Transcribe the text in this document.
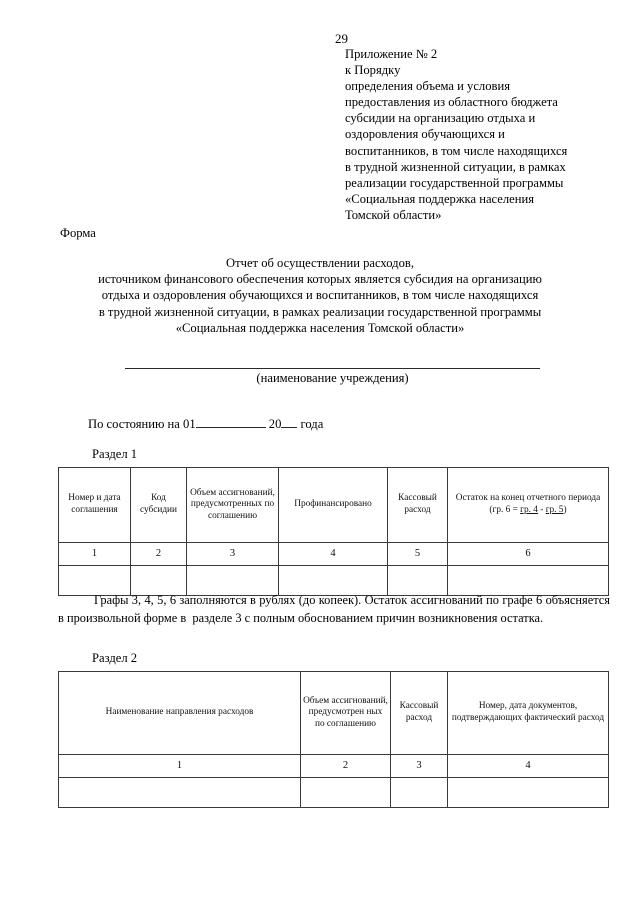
29
Приложение № 2
к Порядку
определения объема и условия
предоставления из областного бюджета
субсидии на организацию отдыха и
оздоровления обучающихся и
воспитанников, в том числе находящихся
в трудной жизненной ситуации, в рамках
реализации государственной программы
«Социальная поддержка населения
Томской области»
Форма
Отчет об осуществлении расходов,
источником финансового обеспечения которых является субсидия на организацию
отдыха и оздоровления обучающихся и воспитанников, в том числе находящихся
в трудной жизненной ситуации, в рамках реализации государственной программы
«Социальная поддержка населения Томской области»
(наименование учреждения)
По состоянию на 01	20 года
Раздел 1
Номер и дата соглашения	Код субсидии	Объем ассигнований, предусмотренных по соглашению	Профинансировано	Кассовый расход	Остаток на конец отчетного периода (гр. 6 = гр. 4 - гр. 5)
1	2	3	4	5	6

Графы 3, 4, 5, 6 заполняются в рублях (до копеек). Остаток ассигнований по графе 6 объясняется в произвольной форме в разделе 3 с полным обоснованием причин возникновения остатка.
Раздел 2
Наименование направления расходов	Объем ассигнований, предусмотрен ных по соглашению	Кассовый расход	Номер, дата документов, подтверждающих фактический расход
1	2	3	4
